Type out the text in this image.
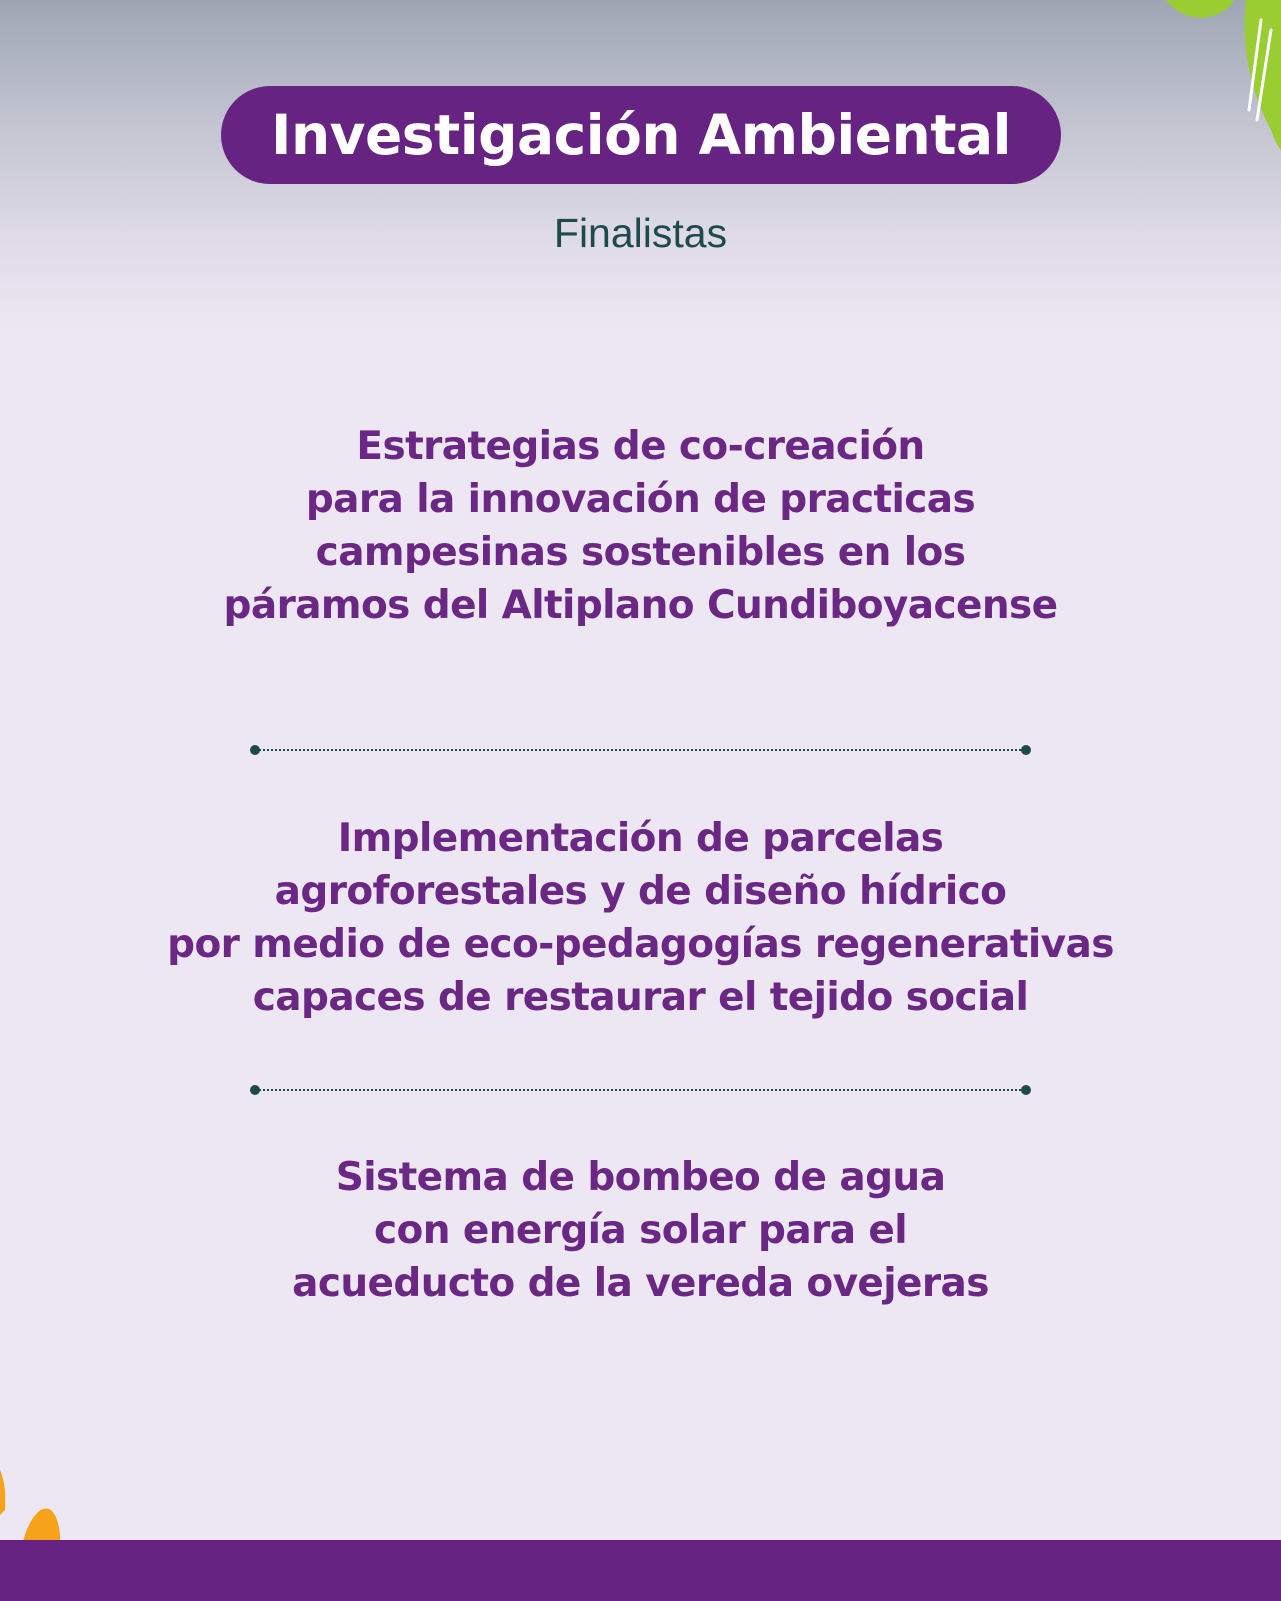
Investigación Ambiental
Finalistas
Estrategias de co-creación
para la innovación de practicas
campesinas sostenibles en los
páramos del Altiplano Cundiboyacense
Implementación de parcelas
agroforestales y de diseño hídrico
por medio de eco-pedagogías regenerativas
capaces de restaurar el tejido social
Sistema de bombeo de agua
con energía solar para el
acueducto de la vereda ovejeras
